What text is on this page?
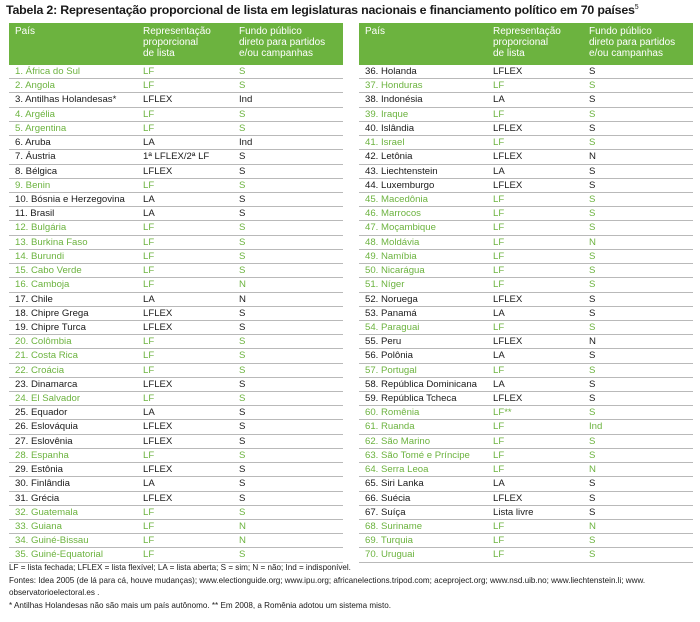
Tabela 2: Representação proporcional de lista em legislaturas nacionais e financiamento político em 70 países$^5$
País	Representação
proporcional
de lista
Fundo público
direto para partidos
e/ou campanhas
1. África do Sul	LF	S
2. Angola	LF	S
3. Antilhas Holandesas*	LFLEX	Ind
4. Argélia	LF	S
5. Argentina	LF	S
6. Aruba	LA	Ind
7. Áustria	1ª LFLEX/2ª LF	S
8. Bélgica	LFLEX	S
9. Benin	LF	S
10. Bósnia e Herzegovina	LA	S
11. Brasil	LA	S
12. Bulgária	LF	S
13. Burkina Faso	LF	S
14. Burundi	LF	S
15. Cabo Verde	LF	S
16. Camboja	LF	N
17. Chile	LA	N
18. Chipre Grega	LFLEX	S
19. Chipre Turca	LFLEX	S
20. Colômbia	LF	S
21. Costa Rica	LF	S
22. Croácia	LF	S
23. Dinamarca	LFLEX	S
24. El Salvador	LF	S
25. Equador	LA	S
26. Eslováquia	LFLEX	S
27. Eslovênia	LFLEX	S
28. Espanha	LF	S
29. Estônia	LFLEX	S
30. Finlândia	LA	S
31. Grécia	LFLEX	S
32. Guatemala	LF	S
33. Guiana	LF	N
34. Guiné-Bissau	LF	N
35. Guiné-Equatorial	LF	S
País	Representação
proporcional
de lista
Fundo público
direto para partidos
e/ou campanhas
36. Holanda	LFLEX	S
37. Honduras	LF	S
38. Indonésia	LA	S
39. Iraque	LF	S
40. Islândia	LFLEX	S
41. Israel	LF	S
42. Letônia	LFLEX	N
43. Liechtenstein	LA	S
44. Luxemburgo	LFLEX	S
45. Macedônia	LF	S
46. Marrocos	LF	S
47. Moçambique	LF	S
48. Moldávia	LF	N
49. Namíbia	LF	S
50. Nicarágua	LF	S
51. Níger	LF	S
52. Noruega	LFLEX	S
53. Panamá	LA	S
54. Paraguai	LF	S
55. Peru	LFLEX	N
56. Polônia	LA	S
57. Portugal	LF	S
58. República Dominicana	LA	S
59. República Tcheca	LFLEX	S
60. Romênia	LF**	S
61. Ruanda	LF	Ind
62. São Marino	LF	S
63. São Tomé e Príncipe	LF	S
64. Serra Leoa	LF	N
65. Siri Lanka	LA	S
66. Suécia	LFLEX	S
67. Suíça	Lista livre	S
68. Suriname	LF	N
69. Turquia	LF	S
70. Uruguai	LF	S
LF = lista fechada; LFLEX = lista flexível; LA = lista aberta; S = sim; N = não; Ind = indisponível.
Fontes: Idea 2005 (de lá para cá, houve mudanças); www.electionguide.org; www.ipu.org; africanelections.tripod.com; aceproject.org; www.nsd.uib.no; www.liechtenstein.li; www.
observatorioelectoral.es .
* Antilhas Holandesas não são mais um país autônomo. ** Em 2008, a Romênia adotou um sistema misto.
